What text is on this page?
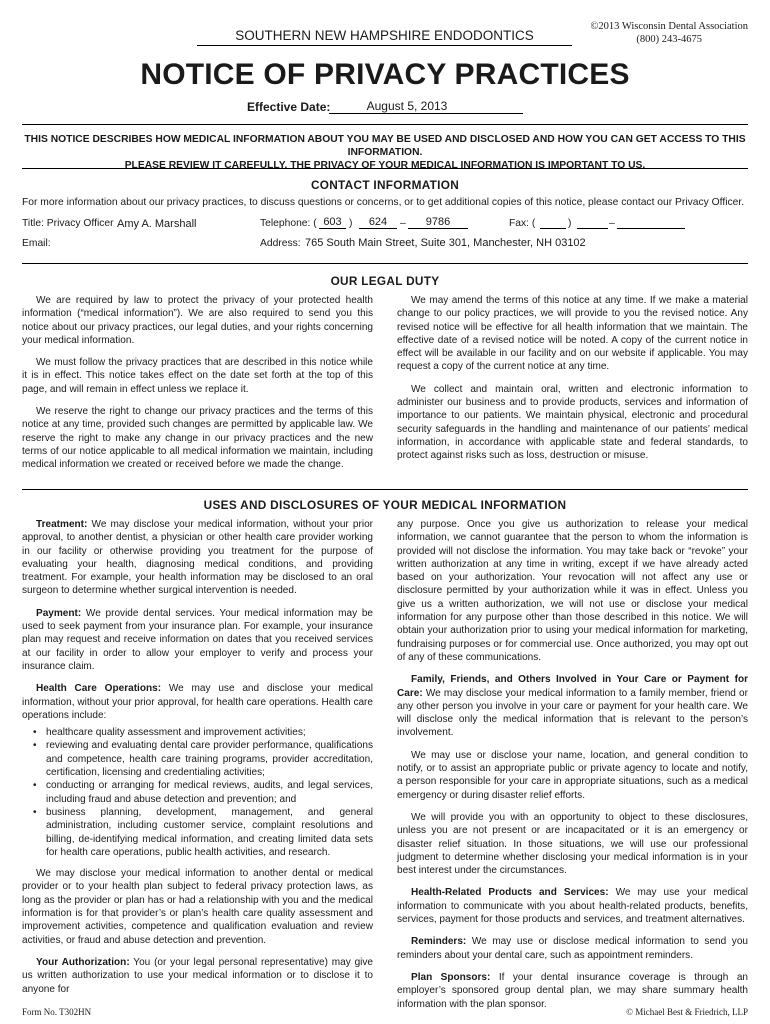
SOUTHERN NEW HAMPSHIRE ENDODONTICS
©2013 Wisconsin Dental Association
(800) 243-4675
NOTICE OF PRIVACY PRACTICES
Effective Date:	August 5, 2013
THIS NOTICE DESCRIBES HOW MEDICAL INFORMATION ABOUT YOU MAY BE USED AND DISCLOSED AND HOW YOU CAN GET ACCESS TO THIS INFORMATION.
PLEASE REVIEW IT CAREFULLY. THE PRIVACY OF YOUR MEDICAL INFORMATION IS IMPORTANT TO US.
CONTACT INFORMATION
For more information about our privacy practices, to discuss questions or concerns, or to get additional copies of this notice, please contact our Privacy Officer.
Title: Privacy Officer Amy A. Marshall	Telephone: ( 603 )	624	–	9786	Fax: (	)	–
Email:	Address: 765 South Main Street, Suite 301, Manchester, NH 03102
OUR LEGAL DUTY

We are required by law to protect the privacy of your protected health information (“medical information”). We are also required to send you this notice about our privacy practices, our legal duties, and your rights concerning your medical information.

We must follow the privacy practices that are described in this notice while it is in effect. This notice takes effect on the date set forth at the top of this page, and will remain in effect unless we replace it.

We reserve the right to change our privacy practices and the terms of this notice at any time, provided such changes are permitted by applicable law. We reserve the right to make any change in our privacy practices and the new terms of our notice applicable to all medical information we maintain, including medical information we created or received before we made the change.

We may amend the terms of this notice at any time. If we make a material change to our policy practices, we will provide to you the revised notice. Any revised notice will be effective for all health information that we maintain. The effective date of a revised notice will be noted. A copy of the current notice in effect will be available in our facility and on our website if applicable. You may request a copy of the current notice at any time.

We collect and maintain oral, written and electronic information to administer our business and to provide products, services and information of importance to our patients. We maintain physical, electronic and procedural security safeguards in the handling and maintenance of our patients’ medical information, in accordance with applicable state and federal standards, to protect against risks such as loss, destruction or misuse.

USES AND DISCLOSURES OF YOUR MEDICAL INFORMATION

Treatment: We may disclose your medical information, without your prior approval, to another dentist, a physician or other health care provider working in our facility or otherwise providing you treatment for the purpose of evaluating your health, diagnosing medical conditions, and providing treatment. For example, your health information may be disclosed to an oral surgeon to determine whether surgical intervention is needed.

Payment: We provide dental services. Your medical information may be used to seek payment from your insurance plan. For example, your insurance plan may request and receive information on dates that you received services at our facility in order to allow your employer to verify and process your insurance claim.

Health Care Operations: We may use and disclose your medical information, without your prior approval, for health care operations. Health care operations include:

• healthcare quality assessment and improvement activities;
• reviewing and evaluating dental care provider performance, qualifications and competence, health care training programs, provider accreditation, certification, licensing and credentialing activities;
• conducting or arranging for medical reviews, audits, and legal services, including fraud and abuse detection and prevention; and
• business planning, development, management, and general administration, including customer service, complaint resolutions and billing, de-identifying medical information, and creating limited data sets for health care operations, public health activities, and research.

We may disclose your medical information to another dental or medical provider or to your health plan subject to federal privacy protection laws, as long as the provider or plan has or had a relationship with you and the medical information is for that provider’s or plan’s health care quality assessment and improvement activities, competence and qualification evaluation and review activities, or fraud and abuse detection and prevention.

Your Authorization: You (or your legal personal representative) may give us written authorization to use your medical information or to disclose it to anyone for

any purpose. Once you give us authorization to release your medical information, we cannot guarantee that the person to whom the information is provided will not disclose the information. You may take back or “revoke” your written authorization at any time in writing, except if we have already acted based on your authorization. Your revocation will not affect any use or disclosure permitted by your authorization while it was in effect. Unless you give us a written authorization, we will not use or disclose your medical information for any purpose other than those described in this notice. We will obtain your authorization prior to using your medical information for marketing, fundraising purposes or for commercial use. Once authorized, you may opt out of any of these communications.

Family, Friends, and Others Involved in Your Care or Payment for Care: We may disclose your medical information to a family member, friend or any other person you involve in your care or payment for your health care. We will disclose only the medical information that is relevant to the person’s involvement.

We may use or disclose your name, location, and general condition to notify, or to assist an appropriate public or private agency to locate and notify, a person responsible for your care in appropriate situations, such as a medical emergency or during disaster relief efforts.

We will provide you with an opportunity to object to these disclosures, unless you are not present or are incapacitated or it is an emergency or disaster relief situation. In those situations, we will use our professional judgment to determine whether disclosing your medical information is in your best interest under the circumstances.

Health-Related Products and Services: We may use your medical information to communicate with you about health-related products, benefits, services, payment for those products and services, and treatment alternatives.

Reminders: We may use or disclose medical information to send you reminders about your dental care, such as appointment reminders.

Plan Sponsors: If your dental insurance coverage is through an employer’s sponsored group dental plan, we may share summary health information with the plan sponsor.

Form No. T302HN	© Michael Best & Friedrich, LLP
